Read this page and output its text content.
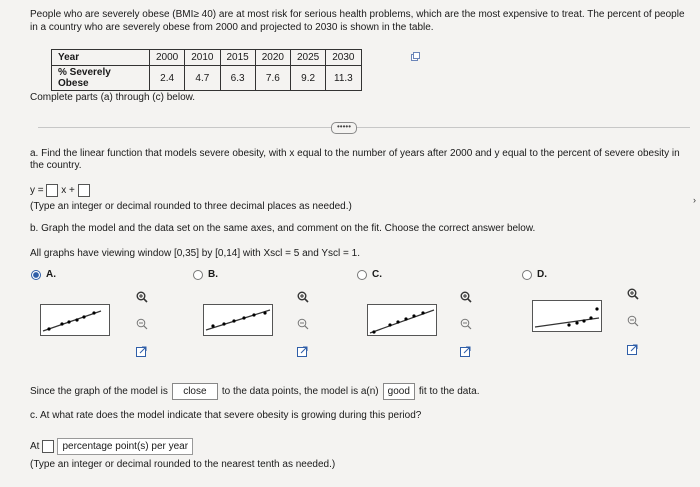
People who are severely obese (BMI≥ 40) are at most risk for serious health problems, which are the most expensive to treat. The percent of people in a country who are severely obese from 2000 and projected to 2030 is shown in the table.
Year	2000	2010	2015	2020	2025	2030
% Severely Obese	2.4	4.7	6.3	7.6	9.2	11.3
Complete parts (a) through (c) below.
•••••
a. Find the linear function that models severe obesity, with x equal to the number of years after 2000 and y equal to the percent of severe obesity in the country.
y = x +
(Type an integer or decimal rounded to three decimal places as needed.)
b. Graph the model and the data set on the same axes, and comment on the fit. Choose the correct answer below.
All graphs have viewing window [0,35] by [0,14] with Xscl = 5 and Yscl = 1.
A.	B.	C.	D.
Since the graph of the model is	close	to the data points, the model is a(n) good fit to the data.
c. At what rate does the model indicate that severe obesity is growing during this period?
At	percentage point(s) per year
(Type an integer or decimal rounded to the nearest tenth as needed.)
›
